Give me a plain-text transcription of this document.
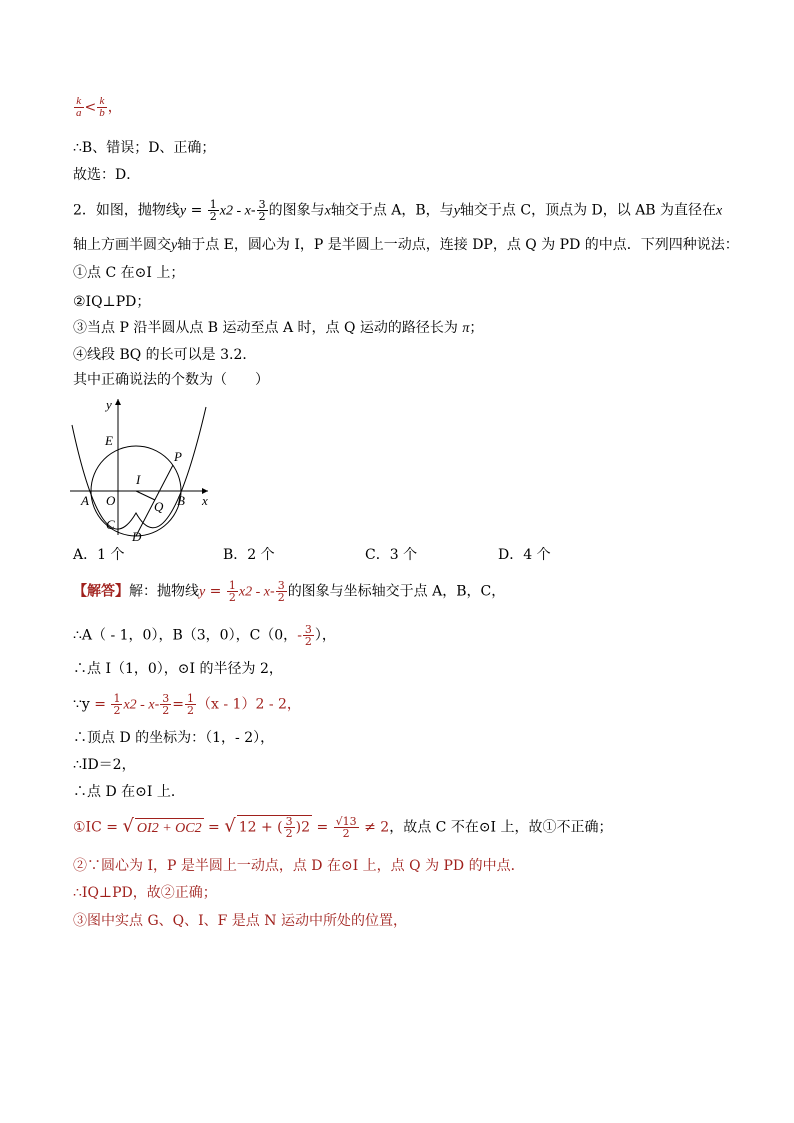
$\frac{k}{a} < \frac{k}{b}$ ，
∴B、错误；D、正确；
故选：D．
2．如图，抛物线$y = \frac{1}{2} x2 - x- \frac{3}{2}$ 的图象与x轴交于点 A，B，与y轴交于点 C，顶点为 D，以 AB 为直径在x
轴上方画半圆交y轴于点 E，圆心为 I，P 是半圆上一动点，连接 DP，点 Q 为 PD 的中点．下列四种说法：
①点 C 在⊙I 上；
②IQ⊥PD；
③当点 P 沿半圆从点 B 运动至点 A 时，点 Q 运动的路径长为 π；
④线段 BQ 的长可以是 3.2．
其中正确说法的个数为（　　）
y
x
E
P
I
A O	Q B
C
D
A．1 个	B．2 个	C．3 个	D．4 个
【解答】解：抛物线$y = \frac{1}{2} x2 - x- \frac{3}{2}$ 的图象与坐标轴交于点 A，B，C，
∴A（ - 1，0），B（3，0），C（0，- $\frac{3}{2}$ ），
∴点 I（1，0），⊙I 的半径为 2，
∵y = $\frac{1}{2} x2 - x- \frac{3}{2} = \frac{1}{2} (x - 1)2 - 2$，
∴顶点 D 的坐标为：（1，- 2），
∴ID＝2，
∴点 D 在⊙I 上．
①IC = √ OI2 + OC2 = √ 12 + ( $\frac{3}{2} )2 = \frac{√13}{2} \ne 2$，故点 C 不在⊙I 上，故①不正确；
②∵圆心为 I，P 是半圆上一动点，点 D 在⊙I 上，点 Q 为 PD 的中点．
∴IQ⊥PD，故②正确；
③图中实点 G、Q、I、F 是点 N 运动中所处的位置，
